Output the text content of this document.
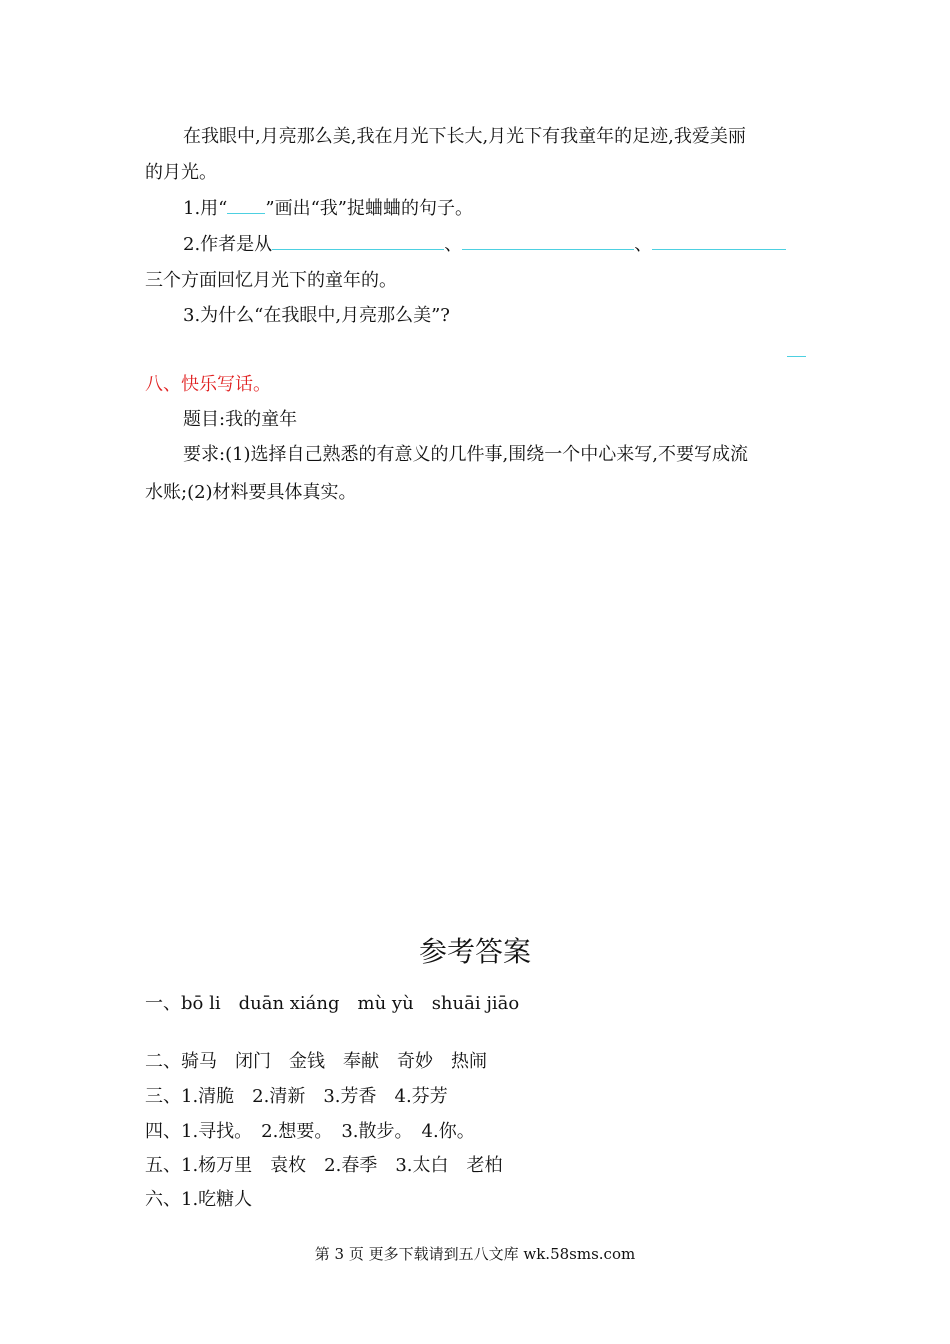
在我眼中,月亮那么美,我在月光下长大,月光下有我童年的足迹,我爱美丽
的月光。
1.用“ ”画出“我”捉蛐蛐的句子。
2.作者是从	、	、
三个方面回忆月光下的童年的。
3.为什么“在我眼中,月亮那么美”?
八、快乐写话。
题目:我的童年
要求:(1)选择自己熟悉的有意义的几件事,围绕一个中心来写,不要写成流
水账;(2)材料要具体真实。
参考答案
一、bō li duān xiáng mù yù shuāi jiāo
二、骑马 闭门 金钱 奉献 奇妙 热闹
三、1.清脆　2.清新　3.芳香　4.芬芳
四、1.寻找。　2.想要。　3.散步。　4.你。
五、1.杨万里　袁枚　2.春季　3.太白　老柏
六、1.吃糖人
第 3 页 更多下载请到五八文库 wk.58sms.com
